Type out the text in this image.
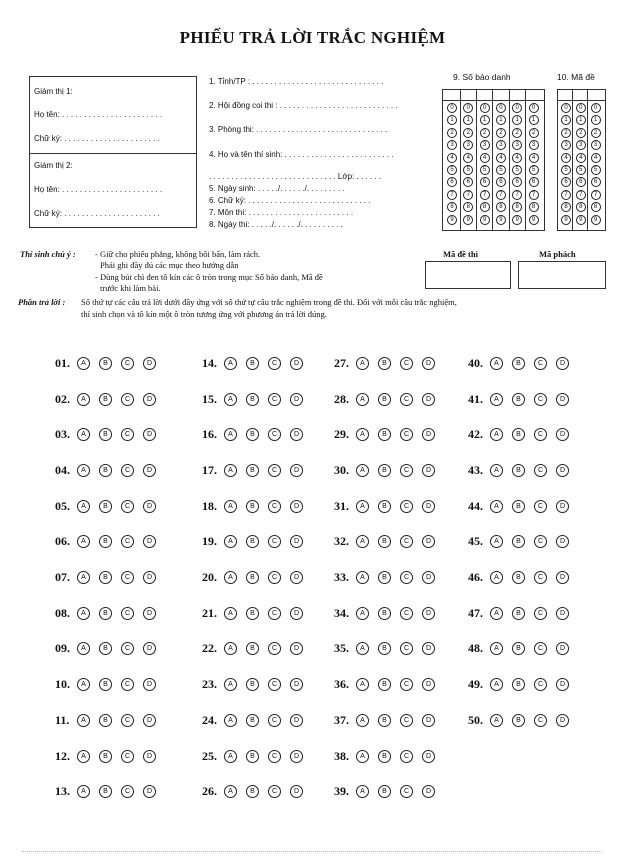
PHIẾU TRẢ LỜI TRẮC NGHIỆM
Giám thị 1:
Họ tên: . . . . . . . . . . . . . . . . . . . . . . .
Chữ ký: . . . . . . . . . . . . . . . . . . . . . .
Giám thị 2:
Họ tên: . . . . . . . . . . . . . . . . . . . . . . .
Chữ ký: . . . . . . . . . . . . . . . . . . . . . .
1. Tỉnh/TP : . . . . . . . . . . . . . . . . . . . . . . . . . . . . . .
2. Hội đồng coi thi : . . . . . . . . . . . . . . . . . . . . . . . . . . .
3. Phòng thi: . . . . . . . . . . . . . . . . . . . . . . . . . . . . . .
4. Họ và tên thí sinh: . . . . . . . . . . . . . . . . . . . . . . . . .
. . . . . . . . . . . . . . . . . . . . . . . . . . . . . Lớp: . . . . . .
5. Ngày sinh: . . . . ./. . . . . ./. . . . . . . . .
6. Chữ ký: . . . . . . . . . . . . . . . . . . . . . . . . . . . .
7. Môn thi: . . . . . . . . . . . . . . . . . . . . . . . .
8. Ngày thi: . . . . ./. . . . . ./. . . . . . . . . .
9. Số báo danh	10. Mã đề
0
1
2
3
4
5
6
7
8
9
0
1
2
3
4
5
6
7
8
9
0
1
2
3
4
5
6
7
8
9
0
1
2
3
4
5
6
7
8
9
0
1
2
3
4
5
6
7
8
9
0
1
2
3
4
5
6
7
8
9
0
1
2
3
4
5
6
7
8
9
0
1
2
3
4
5
6
7
8
9
0
1
2
3
4
5
6
7
8
9
Thí sinh chú ý : - Giữ cho phiếu phẳng, không bôi bẩn, làm rách.
Phải ghi đầy đủ các mục theo hướng dẫn
- Dùng bút chì đen tô kín các ô tròn trong mục Số báo danh, Mã đề
trước khi làm bài.
Phần trả lời : Số thứ tự các câu trả lời dưới đây ứng với số thứ tự câu trắc nghiệm trong đề thi. Đối với mỗi câu trắc nghiệm,
thí sinh chọn và tô kín một ô tròn tương ứng với phương án trả lời đúng.
Mã đề thi	Mã phách
01. A B C D
02. A B C D
03. A B C D
04. A B C D
05. A B C D
06. A B C D
07. A B C D
08. A B C D
09. A B C D
10. A B C D
11. A B C D
12. A B C D
13. A B C D
14. A B C D
15. A B C D
16. A B C D
17. A B C D
18. A B C D
19. A B C D
20. A B C D
21. A B C D
22. A B C D
23. A B C D
24. A B C D
25. A B C D
26. A B C D
27. A B C D
28. A B C D
29. A B C D
30. A B C D
31. A B C D
32. A B C D
33. A B C D
34. A B C D
35. A B C D
36. A B C D
37. A B C D
38. A B C D
39. A B C D
40. A B C D
41. A B C D
42. A B C D
43. A B C D
44. A B C D
45. A B C D
46. A B C D
47. A B C D
48. A B C D
49. A B C D
50. A B C D
